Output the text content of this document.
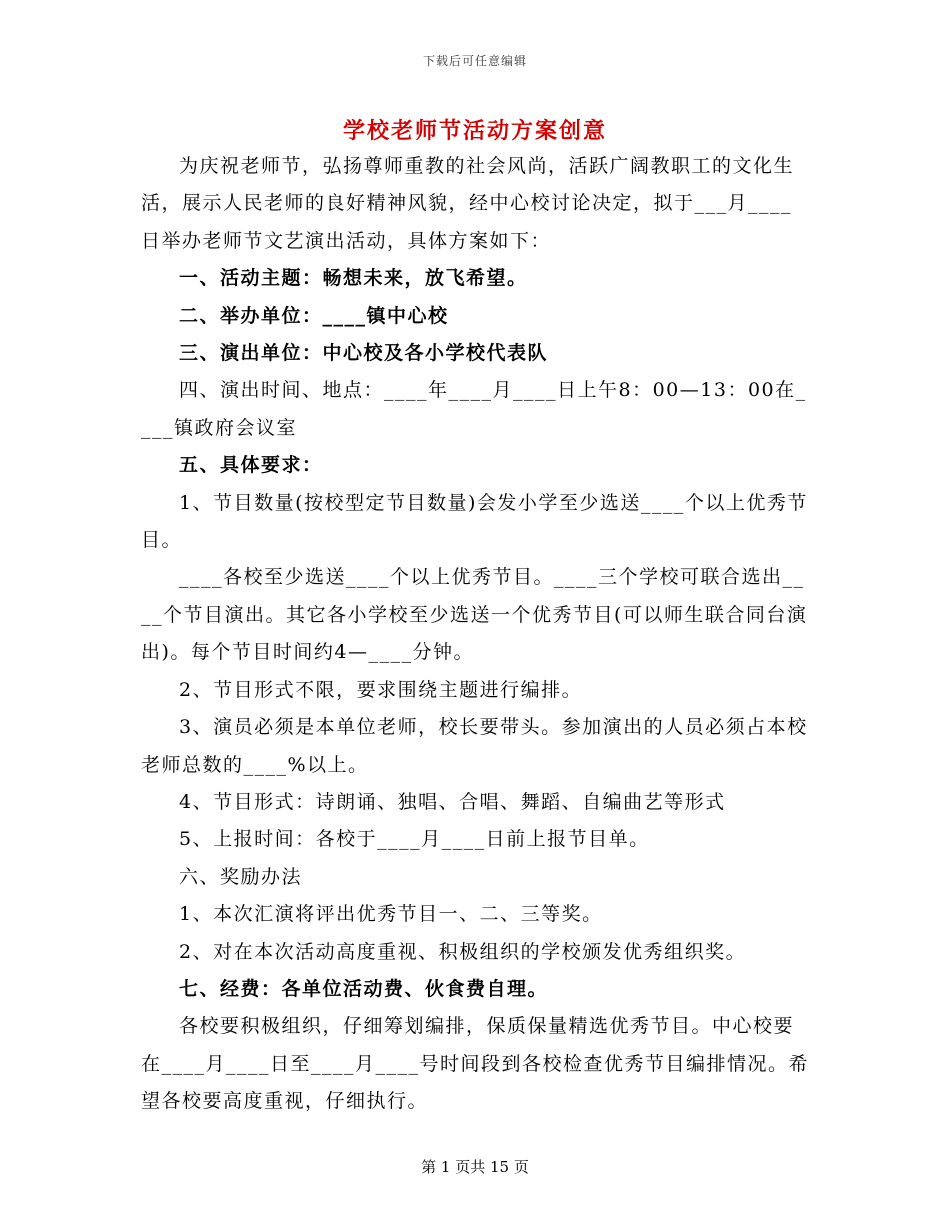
下载后可任意编辑
学校老师节活动方案创意

为庆祝老师节，弘扬尊师重教的社会风尚，活跃广阔教职工的文化生活，展示人民老师的良好精神风貌，经中心校讨论决定，拟于___月____日举办老师节文艺演出活动，具体方案如下：

一、活动主题：畅想未来，放飞希望。

二、举办单位：____镇中心校

三、演出单位：中心校及各小学校代表队

四、演出时间、地点：____年____月____日上午8：00—13：00在____镇政府会议室

五、具体要求：

1、节目数量(按校型定节目数量)会发小学至少选送____个以上优秀节目。

____各校至少选送____个以上优秀节目。____三个学校可联合选出____个节目演出。其它各小学校至少选送一个优秀节目(可以师生联合同台演出)。每个节目时间约4—____分钟。

2、节目形式不限，要求围绕主题进行编排。

3、演员必须是本单位老师，校长要带头。参加演出的人员必须占本校老师总数的____%以上。

4、节目形式：诗朗诵、独唱、合唱、舞蹈、自编曲艺等形式

5、上报时间：各校于____月____日前上报节目单。

六、奖励办法

1、本次汇演将评出优秀节目一、二、三等奖。

2、对在本次活动高度重视、积极组织的学校颁发优秀组织奖。

七、经费：各单位活动费、伙食费自理。

各校要积极组织，仔细筹划编排，保质保量精选优秀节目。中心校要在____月____日至____月____号时间段到各校检查优秀节目编排情况。希望各校要高度重视，仔细执行。

第 1 页共 15 页
